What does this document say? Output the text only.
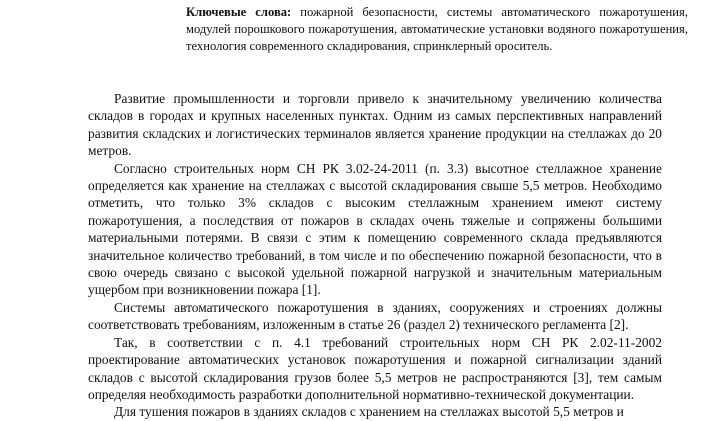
Ключевые слова: пожарной безопасности, системы автоматического пожаротушения, модулей порошкового пожаротушения, автоматические установки водяного пожаротушения, технология современного складирования, спринклерный ороситель.

Развитие промышленности и торговли привело к значительному увеличению количества складов в городах и крупных населенных пунктах. Одним из самых перспективных направлений развития складских и логистических терминалов является хранение продукции на стеллажах до 20 метров.

Согласно строительных норм СН РК 3.02-24-2011 (п. 3.3) высотное стеллажное хранение определяется как хранение на стеллажах с высотой складирования свыше 5,5 метров. Необходимо отметить, что только 3% складов с высоким стеллажным хранением имеют систему пожаротушения, а последствия от пожаров в складах очень тяжелые и сопряжены большими материальными потерями. В связи с этим к помещению современного склада предъявляются значительное количество требований, в том числе и по обеспечению пожарной безопасности, что в свою очередь связано с высокой удельной пожарной нагрузкой и значительным материальным ущербом при возникновении пожара [1].

Системы автоматического пожаротушения в зданиях, сооружениях и строениях должны соответствовать требованиям, изложенным в статье 26 (раздел 2) технического регламента [2].

Так, в соответствии с п. 4.1 требований строительных норм СН РК 2.02-11-2002 проектирование автоматических установок пожаротушения и пожарной сигнализации зданий складов с высотой складирования грузов более 5,5 метров не распространяются [3], тем самым определяя необходимость разработки дополнительной нормативно-технической документации.

Для тушения пожаров в зданиях складов с хранением на стеллажах высотой 5,5 метров и
